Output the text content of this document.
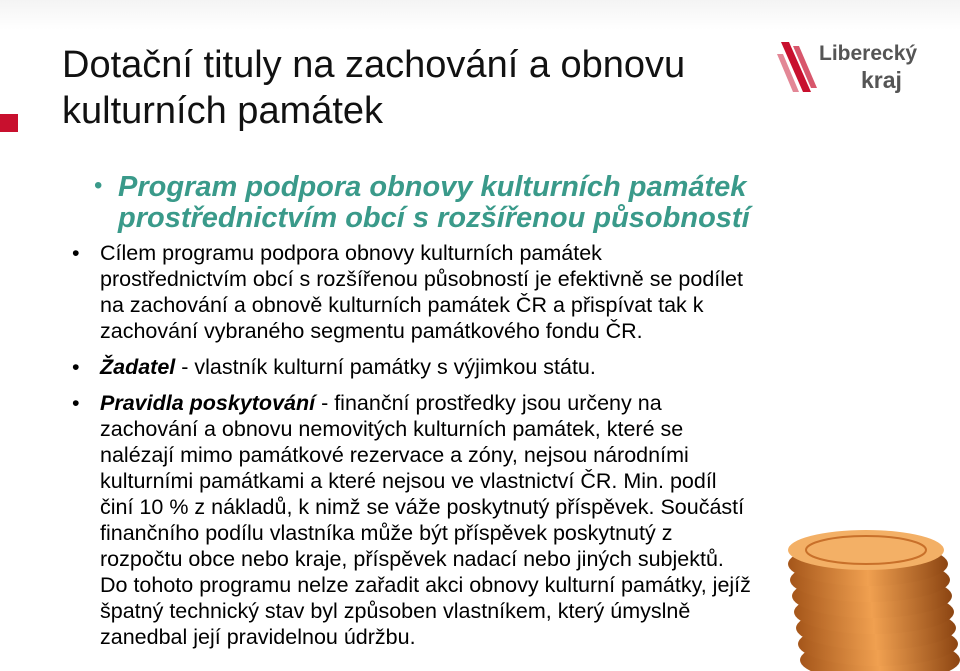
Dotační tituly na zachování a obnovu
kulturních památek
Liberecký
kraj
• Program podpora obnovy kulturních památek

prostřednictvím obcí s rozšířenou působností

• Cílem programu podpora obnovy kulturních památek
prostřednictvím obcí s rozšířenou působností je efektivně se podílet
na zachování a obnově kulturních památek ČR a přispívat tak k
zachování vybraného segmentu památkového fondu ČR.
• Žadatel - vlastník kulturní památky s výjimkou státu.
• Pravidla poskytování - finanční prostředky jsou určeny na
zachování a obnovu nemovitých kulturních památek, které se
nalézají mimo památkové rezervace a zóny, nejsou národními
kulturními památkami a které nejsou ve vlastnictví ČR. Min. podíl
činí 10 % z nákladů, k nimž se váže poskytnutý příspěvek. Součástí
finančního podílu vlastníka může být příspěvek poskytnutý z
rozpočtu obce nebo kraje, příspěvek nadací nebo jiných subjektů.
Do tohoto programu nelze zařadit akci obnovy kulturní památky, jejíž
špatný technický stav byl způsoben vlastníkem, který úmyslně
zanedbal její pravidelnou údržbu.
